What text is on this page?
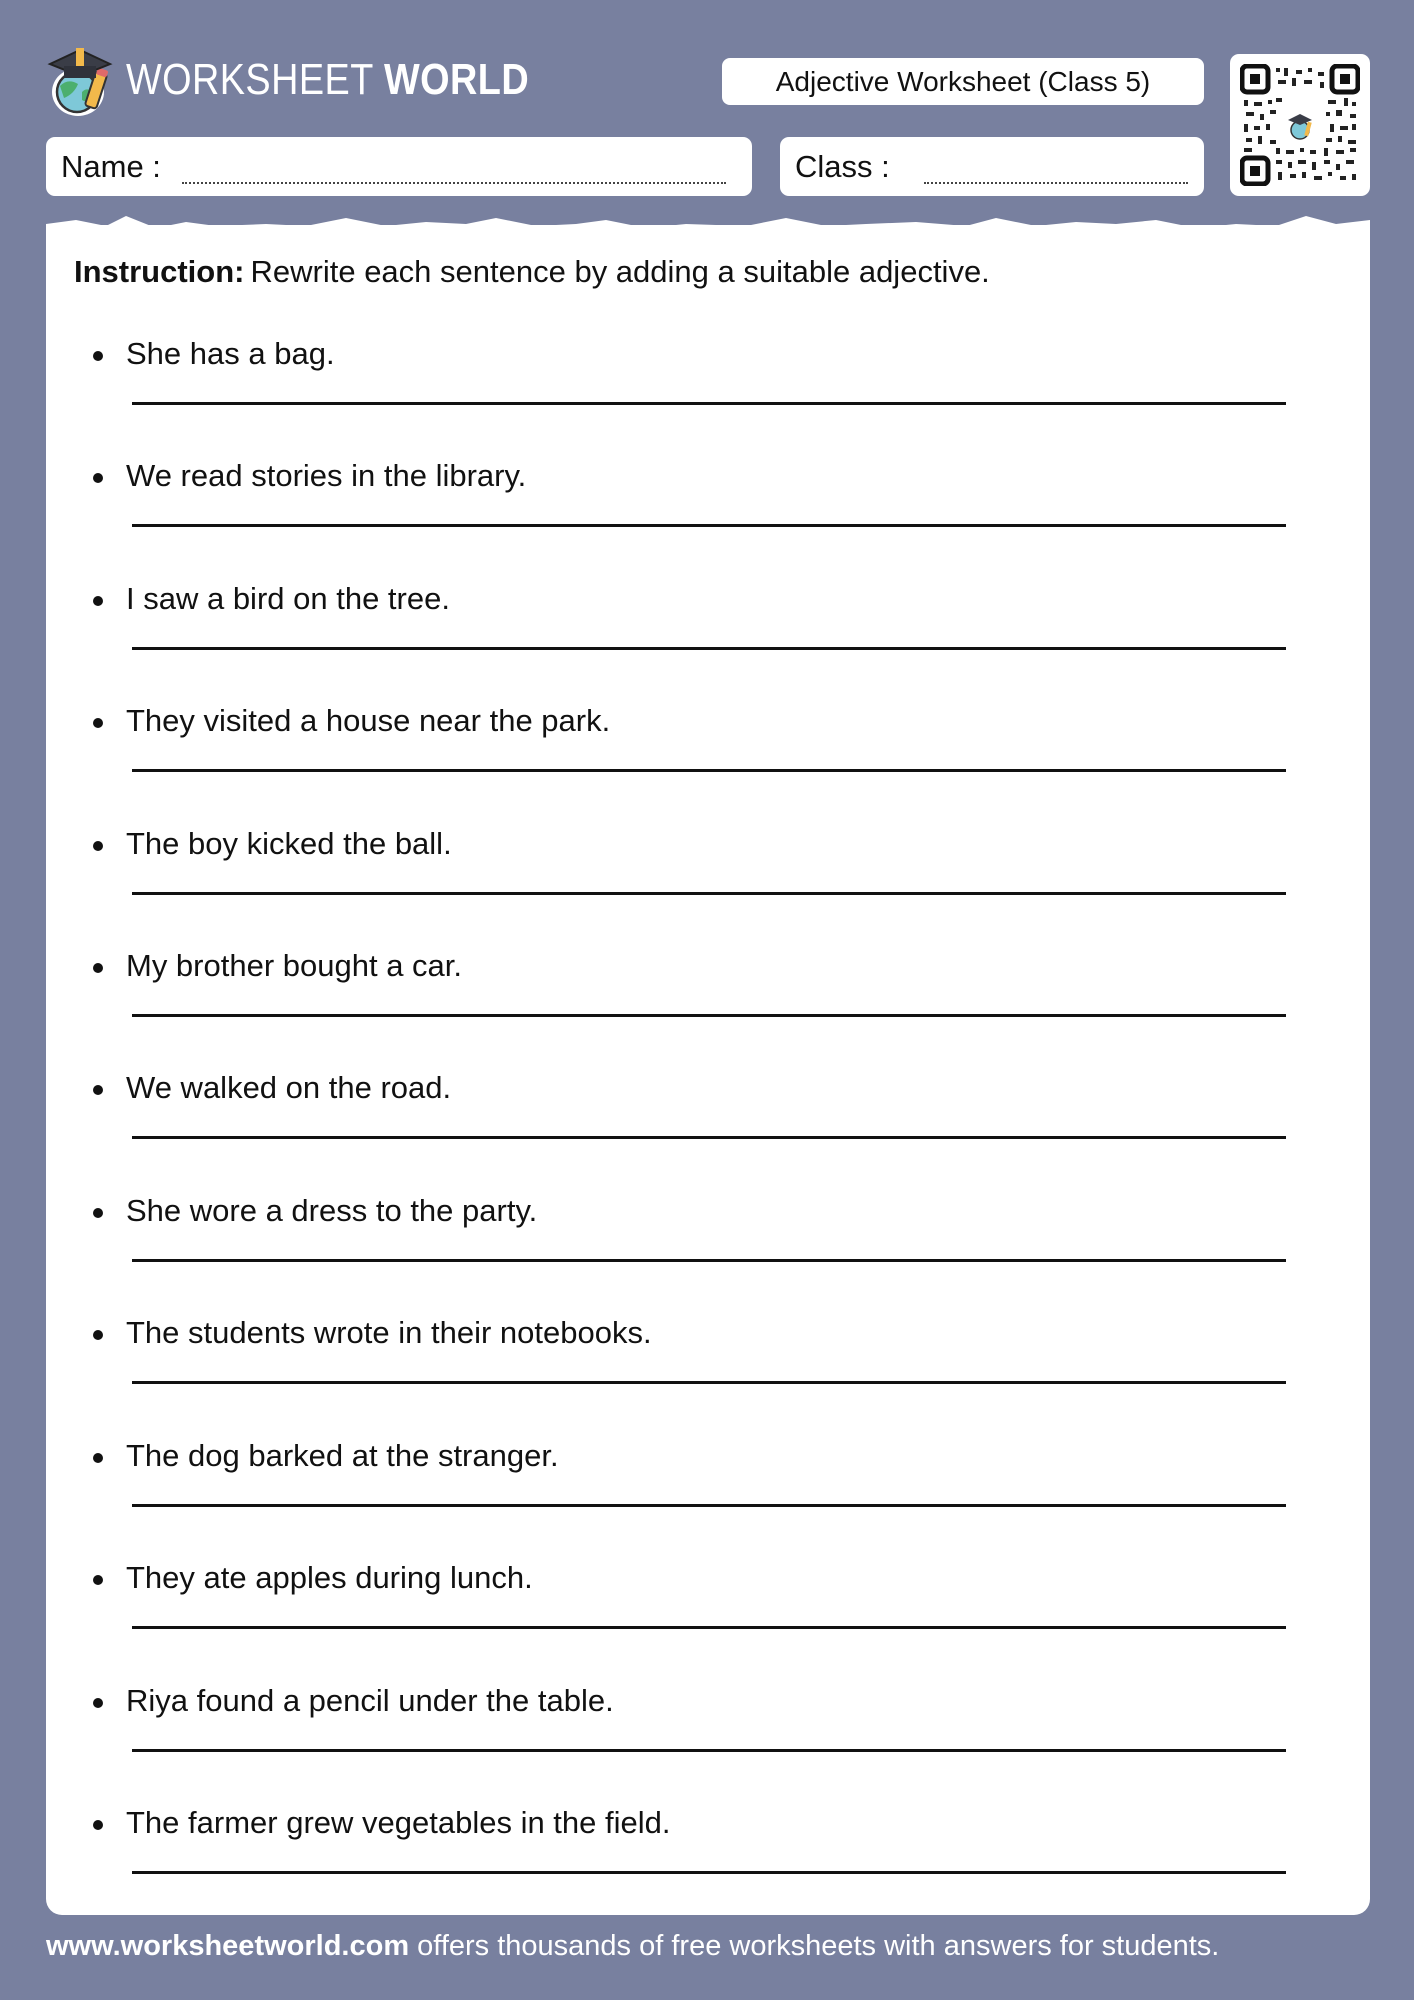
WORKSHEET WORLD	Adjective Worksheet (Class 5)
Name :	Class :
Instruction: Rewrite each sentence by adding a suitable adjective.
She has a bag.
We read stories in the library.
I saw a bird on the tree.
They visited a house near the park.
The boy kicked the ball.
My brother bought a car.
We walked on the road.
She wore a dress to the party.
The students wrote in their notebooks.
The dog barked at the stranger.
They ate apples during lunch.
Riya found a pencil under the table.
The farmer grew vegetables in the field.
www.worksheetworld.com offers thousands of free worksheets with answers for students.
